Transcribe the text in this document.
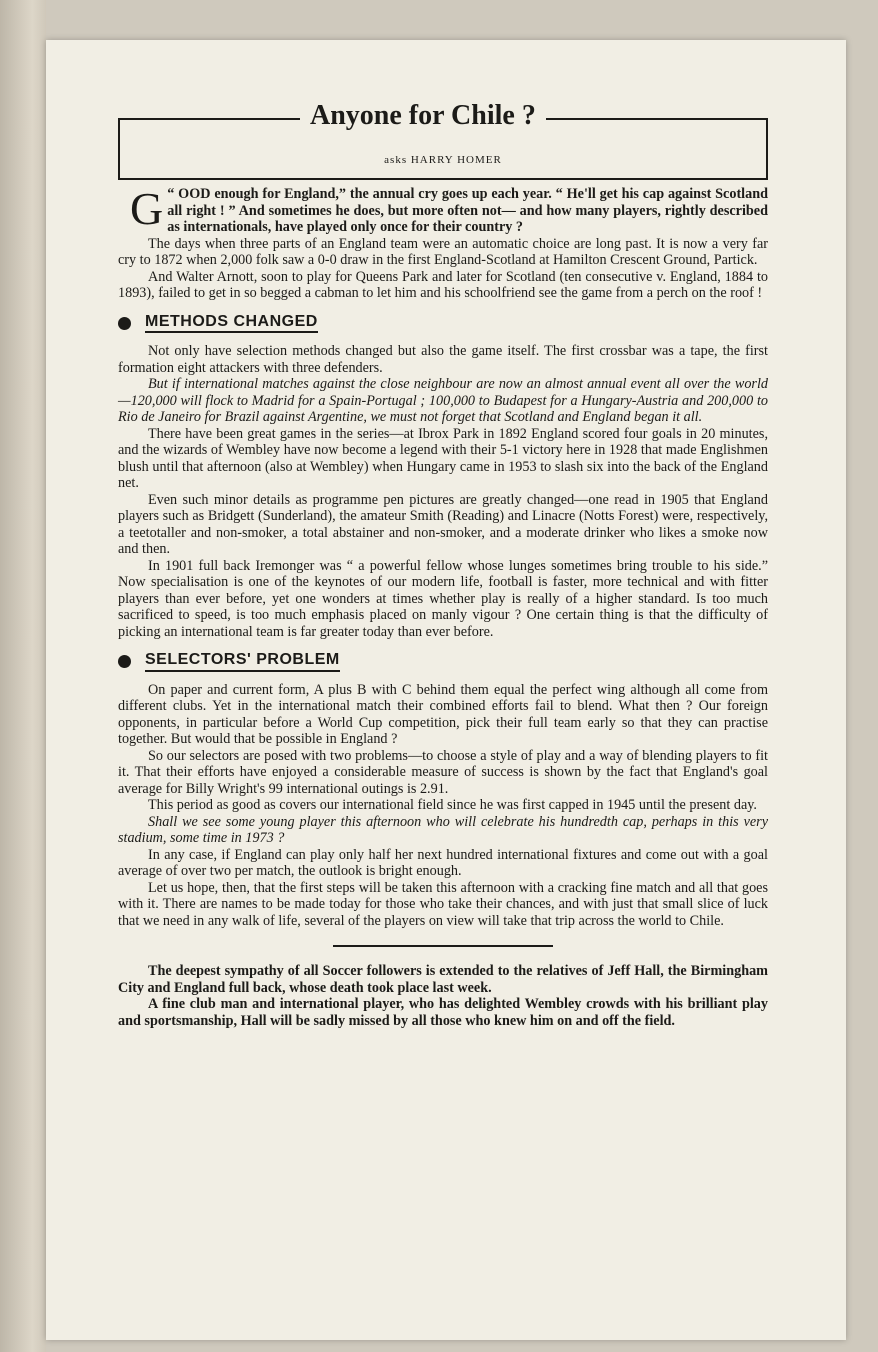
Anyone for Chile ?
asks HARRY HOMER

G “ OOD enough for England,” the annual cry goes up each year. “ He'll get his cap against Scotland all right ! ” And sometimes he does, but more often not— and how many players, rightly described as internationals, have played only once for their country ?

The days when three parts of an England team were an automatic choice are long past. It is now a very far cry to 1872 when 2,000 folk saw a 0-0 draw in the first England-Scotland at Hamilton Crescent Ground, Partick.

And Walter Arnott, soon to play for Queens Park and later for Scotland (ten consecutive v. England, 1884 to 1893), failed to get in so begged a cabman to let him and his schoolfriend see the game from a perch on the roof !

METHODS CHANGED

Not only have selection methods changed but also the game itself. The first crossbar was a tape, the first formation eight attackers with three defenders.

But if international matches against the close neighbour are now an almost annual event all over the world—120,000 will flock to Madrid for a Spain-Portugal ; 100,000 to Budapest for a Hungary-Austria and 200,000 to Rio de Janeiro for Brazil against Argentine, we must not forget that Scotland and England began it all.

There have been great games in the series—at Ibrox Park in 1892 England scored four goals in 20 minutes, and the wizards of Wembley have now become a legend with their 5-1 victory here in 1928 that made Englishmen blush until that afternoon (also at Wembley) when Hungary came in 1953 to slash six into the back of the England net.

Even such minor details as programme pen pictures are greatly changed—one read in 1905 that England players such as Bridgett (Sunderland), the amateur Smith (Reading) and Linacre (Notts Forest) were, respectively, a teetotaller and non-smoker, a total abstainer and non-smoker, and a moderate drinker who likes a smoke now and then.

In 1901 full back Iremonger was “ a powerful fellow whose lunges sometimes bring trouble to his side.” Now specialisation is one of the keynotes of our modern life, football is faster, more technical and with fitter players than ever before, yet one wonders at times whether play is really of a higher standard. Is too much sacrificed to speed, is too much emphasis placed on manly vigour ? One certain thing is that the difficulty of picking an international team is far greater today than ever before.

SELECTORS' PROBLEM

On paper and current form, A plus B with C behind them equal the perfect wing although all come from different clubs. Yet in the international match their combined efforts fail to blend. What then ? Our foreign opponents, in particular before a World Cup competition, pick their full team early so that they can practise together. But would that be possible in England ?

So our selectors are posed with two problems—to choose a style of play and a way of blending players to fit it. That their efforts have enjoyed a considerable measure of success is shown by the fact that England's goal average for Billy Wright's 99 international outings is 2.91.

This period as good as covers our international field since he was first capped in 1945 until the present day.

Shall we see some young player this afternoon who will celebrate his hundredth cap, perhaps in this very stadium, some time in 1973 ?

In any case, if England can play only half her next hundred international fixtures and come out with a goal average of over two per match, the outlook is bright enough.

Let us hope, then, that the first steps will be taken this afternoon with a cracking fine match and all that goes with it. There are names to be made today for those who take their chances, and with just that small slice of luck that we need in any walk of life, several of the players on view will take that trip across the world to Chile.

The deepest sympathy of all Soccer followers is extended to the relatives of Jeff Hall, the Birmingham City and England full back, whose death took place last week.

A fine club man and international player, who has delighted Wembley crowds with his brilliant play and sportsmanship, Hall will be sadly missed by all those who knew him on and off the field.
